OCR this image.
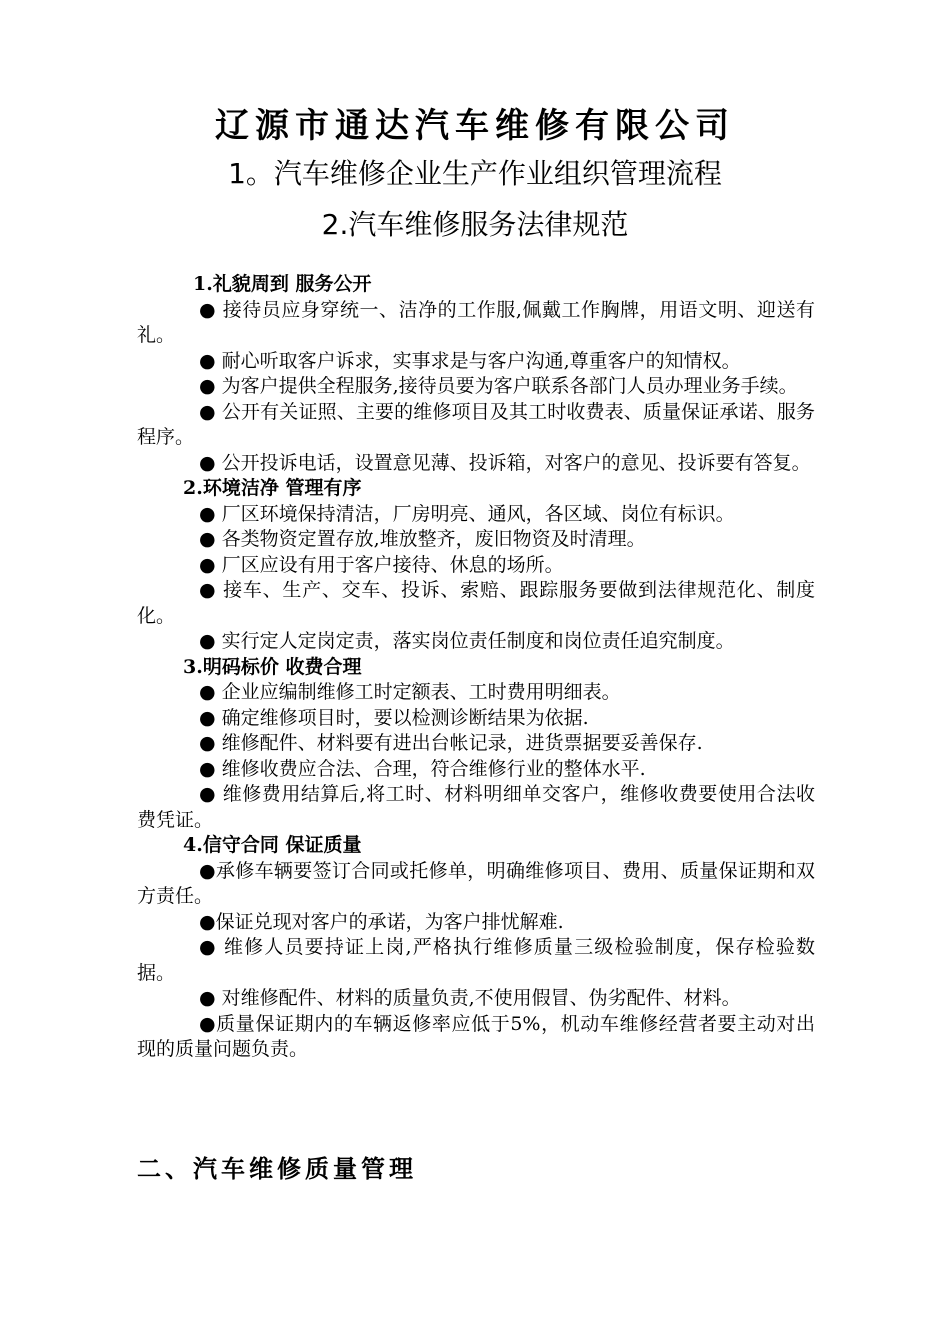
辽源市通达汽车维修有限公司
1。汽车维修企业生产作业组织管理流程
2.汽车维修服务法律规范
1.礼貌周到 服务公开
● 接待员应身穿统一、洁净的工作服,佩戴工作胸牌，用语文明、迎送有礼。
● 耐心听取客户诉求，实事求是与客户沟通,尊重客户的知情权。
● 为客户提供全程服务,接待员要为客户联系各部门人员办理业务手续。
● 公开有关证照、主要的维修项目及其工时收费表、质量保证承诺、服务程序。
● 公开投诉电话，设置意见薄、投诉箱，对客户的意见、投诉要有答复。
2.环境洁净 管理有序
● 厂区环境保持清洁，厂房明亮、通风，各区域、岗位有标识。
● 各类物资定置存放,堆放整齐，废旧物资及时清理。
● 厂区应设有用于客户接待、休息的场所。
● 接车、生产、交车、投诉、索赔、跟踪服务要做到法律规范化、制度化。
● 实行定人定岗定责，落实岗位责任制度和岗位责任追究制度。
3.明码标价 收费合理
● 企业应编制维修工时定额表、工时费用明细表。
● 确定维修项目时，要以检测诊断结果为依据.
● 维修配件、材料要有进出台帐记录，进货票据要妥善保存.
● 维修收费应合法、合理，符合维修行业的整体水平.
● 维修费用结算后,将工时、材料明细单交客户，维修收费要使用合法收费凭证。
4.信守合同 保证质量
●承修车辆要签订合同或托修单，明确维修项目、费用、质量保证期和双方责任。
●保证兑现对客户的承诺，为客户排忧解难.
● 维修人员要持证上岗,严格执行维修质量三级检验制度，保存检验数据。
● 对维修配件、材料的质量负责,不使用假冒、伪劣配件、材料。
●质量保证期内的车辆返修率应低于5%，机动车维修经营者要主动对出现的质量问题负责。
二、汽车维修质量管理
